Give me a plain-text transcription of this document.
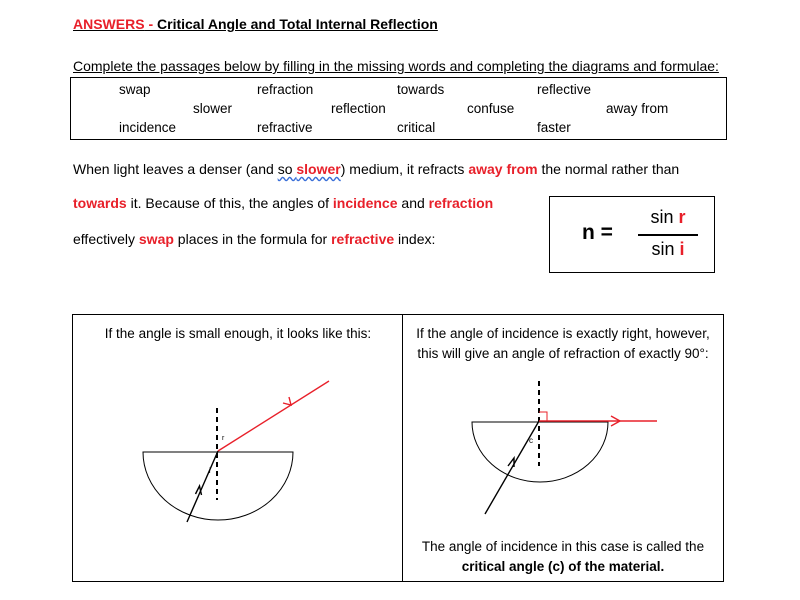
ANSWERS - Critical Angle and Total Internal Reflection
Complete the passages below by filling in the missing words and completing the diagrams and formulae:
swap	refraction	towards	reflective
slower	reflection	confuse	away from
incidence	refractive	critical	faster
When light leaves a denser (and so slower) medium, it refracts away from the normal rather than
towards it. Because of this, the angles of incidence and refraction
effectively swap places in the formula for refractive index:	n =
sin r
sin i
If the angle is small enough, it looks like this:	If the angle of incidence is exactly right, however,
this will give an angle of refraction of exactly 90°:
r
i
c
The angle of incidence in this case is called the
critical angle (c) of the material.
